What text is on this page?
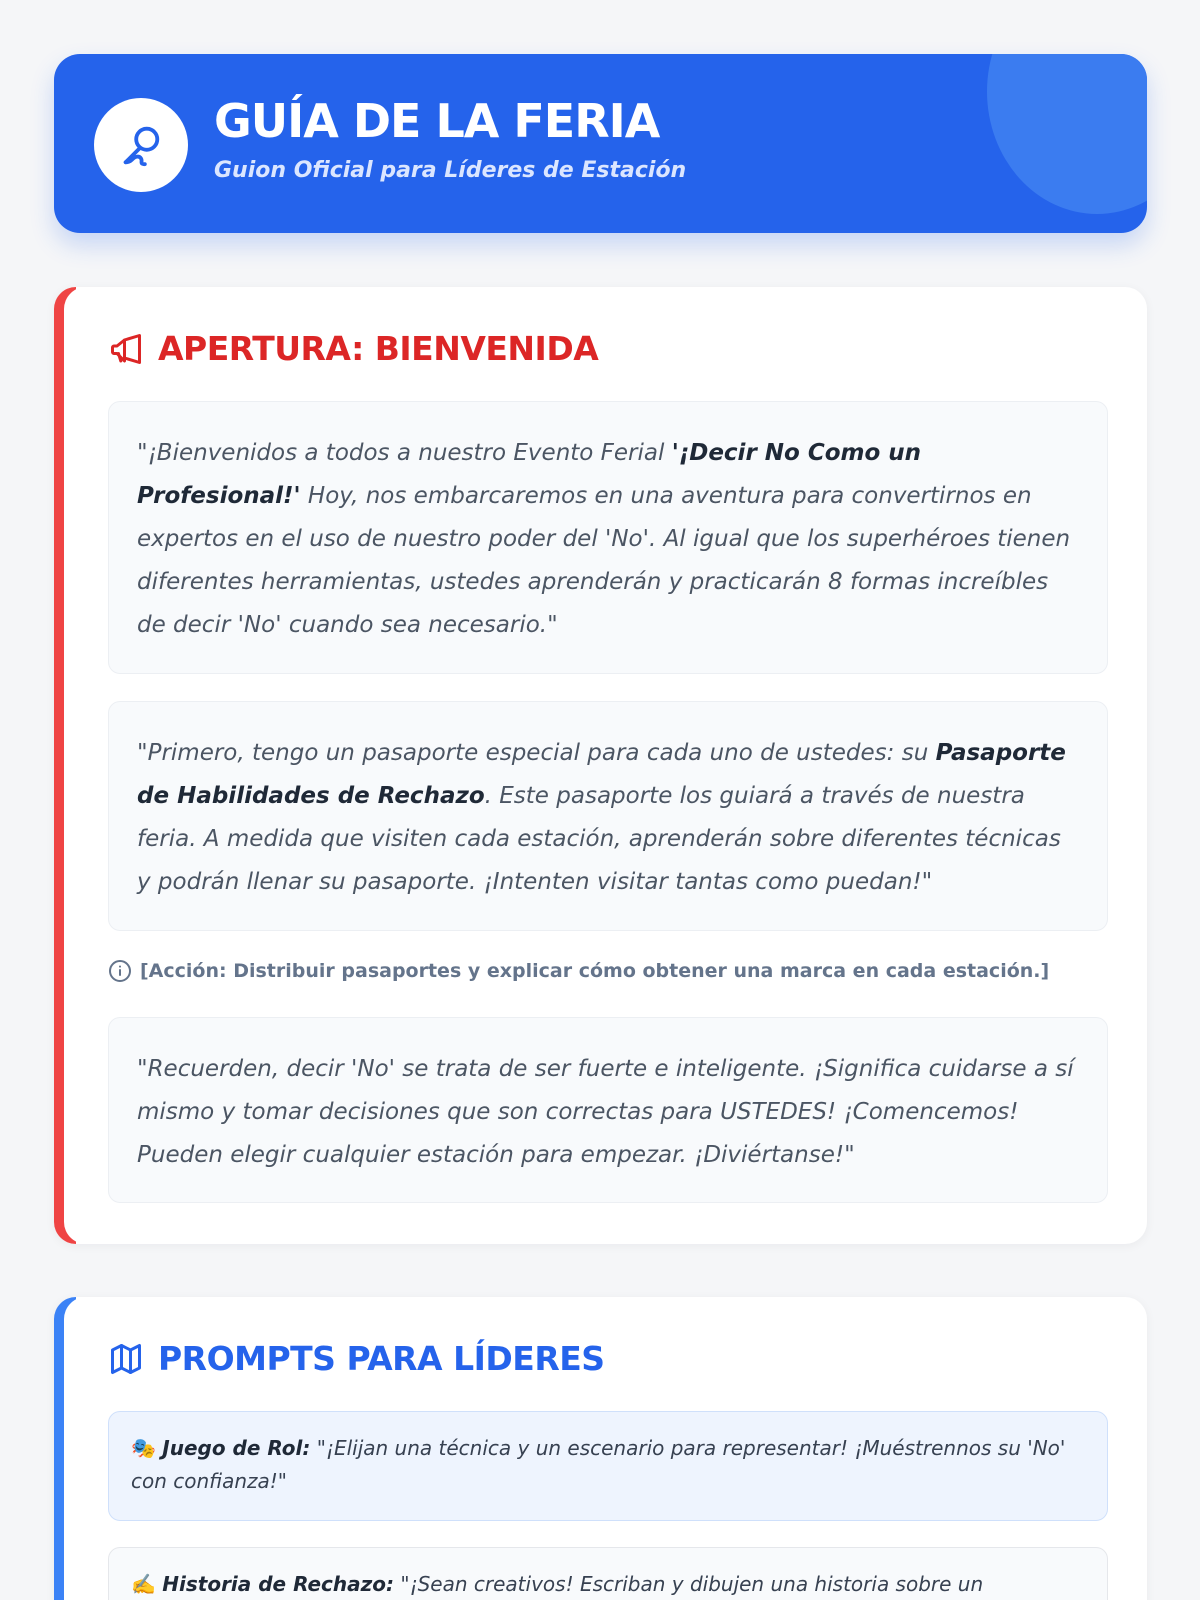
GUÍA DE LA FERIA
Guion Oficial para Líderes de Estación
APERTURA: BIENVENIDA
"¡Bienvenidos a todos a nuestro Evento Ferial '¡Decir No Como un Profesional!' Hoy, nos embarcaremos en una aventura para convertirnos en expertos en el uso de nuestro poder del 'No'. Al igual que los superhéroes tienen diferentes herramientas, ustedes aprenderán y practicarán 8 formas increíbles de decir 'No' cuando sea necesario."
"Primero, tengo un pasaporte especial para cada uno de ustedes: su Pasaporte de Habilidades de Rechazo. Este pasaporte los guiará a través de nuestra feria. A medida que visiten cada estación, aprenderán sobre diferentes técnicas y podrán llenar su pasaporte. ¡Intenten visitar tantas como puedan!"
[Acción: Distribuir pasaportes y explicar cómo obtener una marca en cada estación.]
"Recuerden, decir 'No' se trata de ser fuerte e inteligente. ¡Significa cuidarse a sí mismo y tomar decisiones que son correctas para USTEDES! ¡Comencemos! Pueden elegir cualquier estación para empezar. ¡Diviértanse!"
PROMPTS PARA LÍDERES
🎭 Juego de Rol: "¡Elijan una técnica y un escenario para representar! ¡Muéstrennos su 'No' con confianza!"
✍️ Historia de Rechazo: "¡Sean creativos! Escriban y dibujen una historia sobre un
